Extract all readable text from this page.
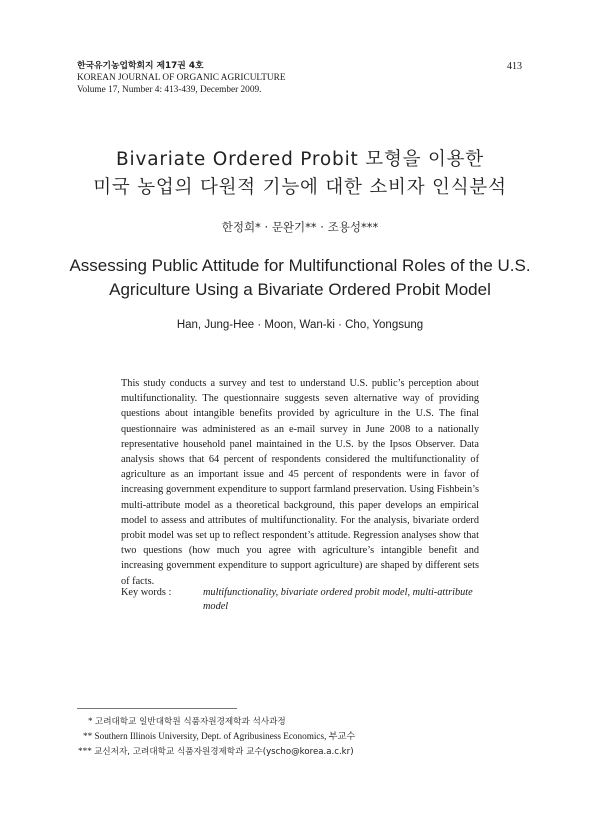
한국유기농업학회지 제17권 4호
KOREAN JOURNAL OF ORGANIC AGRICULTURE
Volume 17, Number 4: 413-439, December 2009.
413
Bivariate Ordered Probit 모형을 이용한
미국 농업의 다원적 기능에 대한 소비자 인식분석
한정희* · 문완기** · 조용성***
Assessing Public Attitude for Multifunctional Roles of the U.S.
Agriculture Using a Bivariate Ordered Probit Model
Han, Jung-Hee · Moon, Wan-ki · Cho, Yongsung
This study conducts a survey and test to understand U.S. public’s perception about multifunctionality. The questionnaire suggests seven alternative way of providing questions about intangible benefits provided by agriculture in the U.S. The final questionnaire was administered as an e-mail survey in June 2008 to a nationally representative household panel maintained in the U.S. by the Ipsos Observer. Data analysis shows that 64 percent of respondents considered the multifunctionality of agriculture as an important issue and 45 percent of respondents were in favor of increasing government expenditure to support farmland preservation. Using Fishbein’s multi-attribute model as a theoretical background, this paper develops an empirical model to assess and attributes of multifunctionality. For the analysis, bivariate orderd probit model was set up to reflect respondent’s attitude. Regression analyses show that two questions (how much you agree with agriculture’s intangible benefit and increasing government expenditure to support agriculture) are shaped by different sets of facts.
Key words :	multifunctionality, bivariate ordered probit model, multi-attribute model
* 고려대학교 일반대학원 식품자원경제학과 석사과정
** Southern Illinois University, Dept. of Agribusiness Economics, 부교수
*** 교신저자, 고려대학교 식품자원경제학과 교수(yscho@korea.a.c.kr)
